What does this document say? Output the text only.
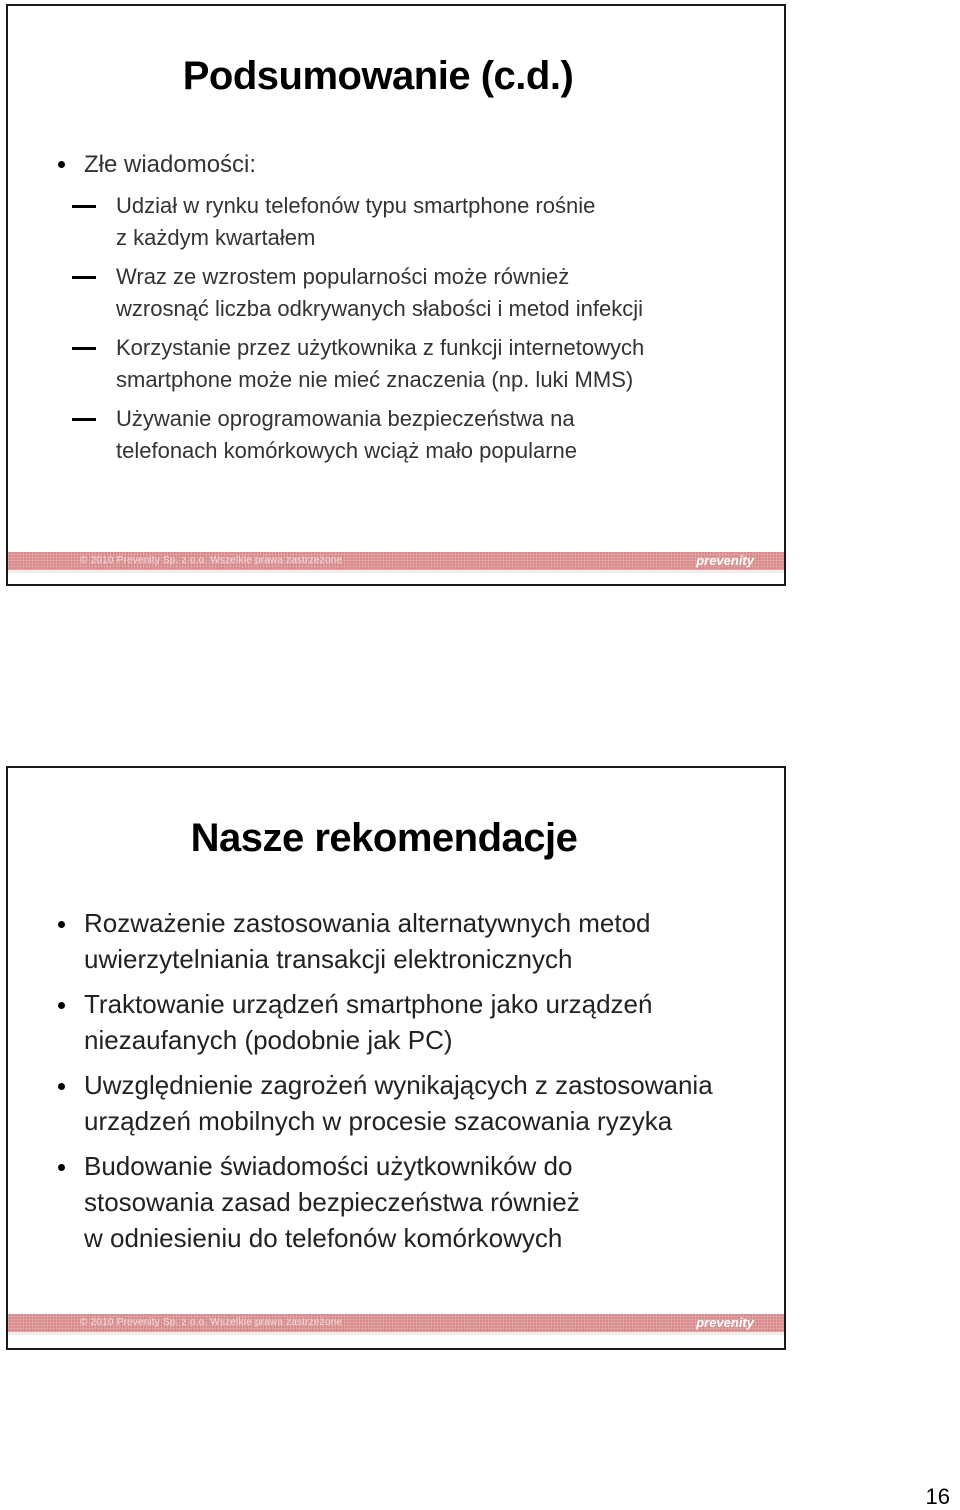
Podsumowanie (c.d.)
Złe wiadomości:
Udział w rynku telefonów typu smartphone rośnie
z każdym kwartałem
Wraz ze wzrostem popularności może również
wzrosnąć liczba odkrywanych słabości i metod infekcji
Korzystanie przez użytkownika z funkcji internetowych
smartphone może nie mieć znaczenia (np. luki MMS)
Używanie oprogramowania bezpieczeństwa na
telefonach komórkowych wciąż mało popularne
© 2010 Prevenity Sp. z o.o. Wszelkie prawa zastrzeżone	prevenity
Nasze rekomendacje
Rozważenie zastosowania alternatywnych metod
uwierzytelniania transakcji elektronicznych
Traktowanie urządzeń smartphone jako urządzeń
niezaufanych (podobnie jak PC)
Uwzględnienie zagrożeń wynikających z zastosowania
urządzeń mobilnych w procesie szacowania ryzyka
Budowanie świadomości użytkowników do
stosowania zasad bezpieczeństwa również
w odniesieniu do telefonów komórkowych
© 2010 Prevenity Sp. z o.o. Wszelkie prawa zastrzeżone	prevenity
16
